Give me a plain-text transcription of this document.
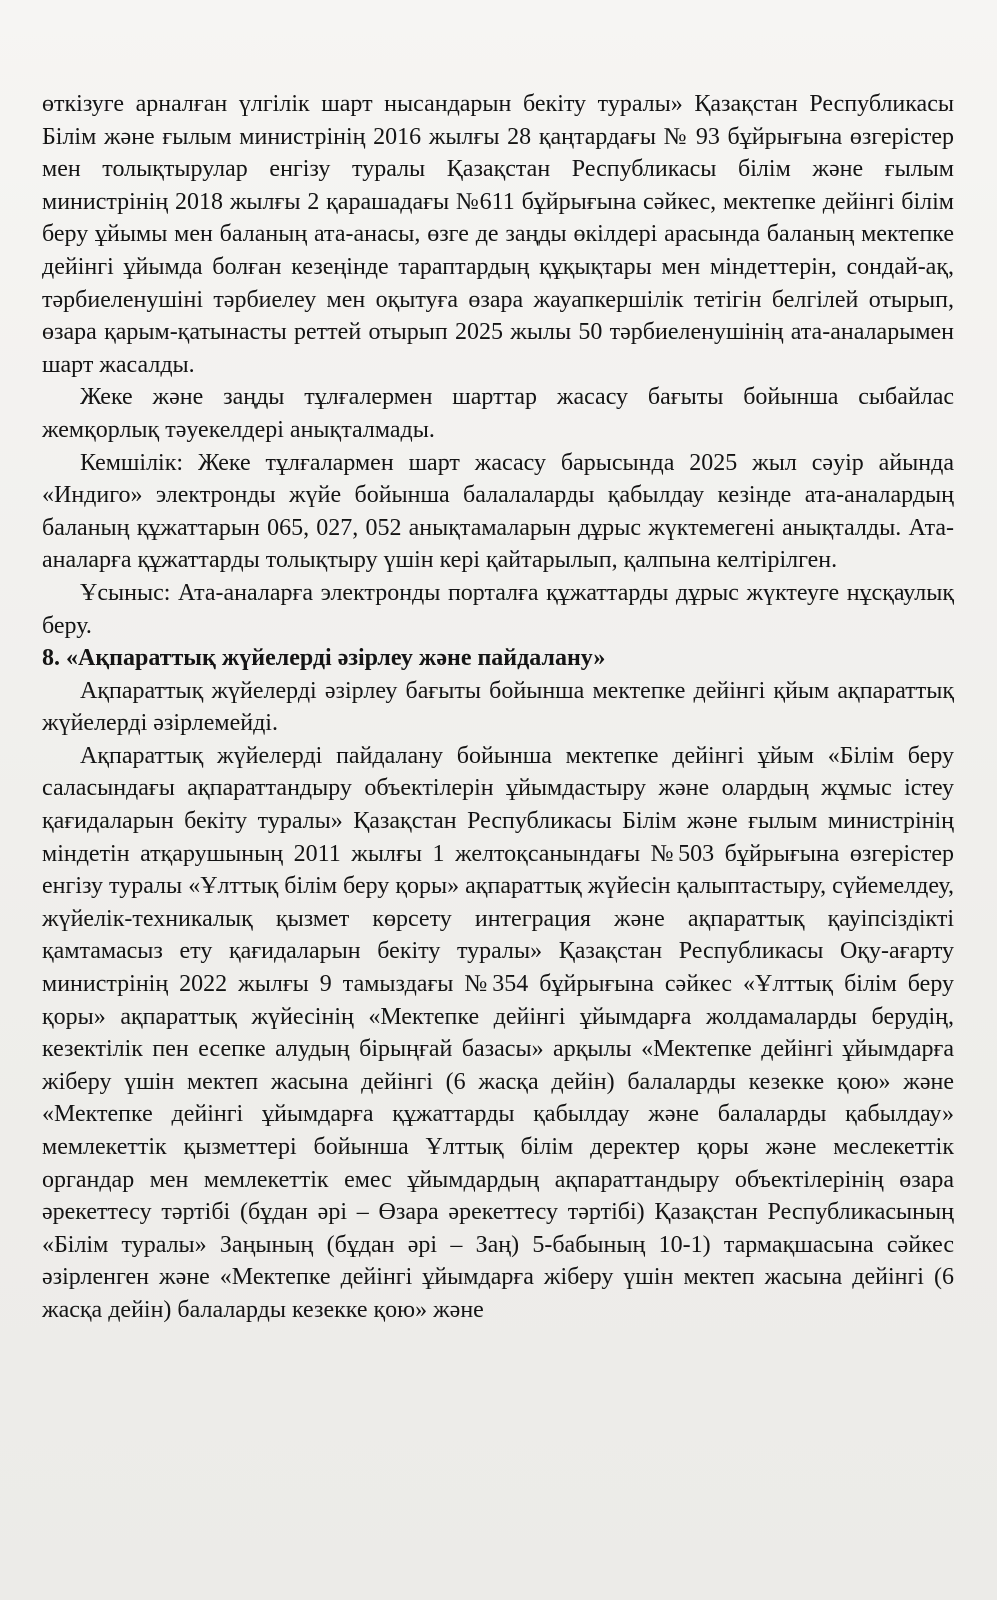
өткізуге арналған үлгілік шарт нысандарын бекіту туралы» Қазақстан Республикасы Білім және ғылым министрінің 2016 жылғы 28 қаңтардағы № 93 бұйрығына өзгерістер мен толықтырулар енгізу туралы Қазақстан Республикасы білім және ғылым министрінің 2018 жылғы 2 қарашадағы №611 бұйрығына сәйкес, мектепке дейінгі білім беру ұйымы мен баланың ата-анасы, өзге де заңды өкілдері арасында баланың мектепке дейінгі ұйымда болған кезеңінде тараптардың құқықтары мен міндеттерін, сондай-ақ, тәрбиеленушіні тәрбиелеу мен оқытуға өзара жауапкершілік тетігін белгілей отырып, өзара қарым-қатынасты реттей отырып 2025 жылы 50 тәрбиеленушінің ата-аналарымен шарт жасалды.

Жеке және заңды тұлғалермен шарттар жасасу бағыты бойынша сыбайлас жемқорлық тәуекелдері анықталмады.

Кемшілік: Жеке тұлғалармен шарт жасасу барысында 2025 жыл сәуір айында «Индиго» электронды жүйе бойынша балалаларды қабылдау кезінде ата-аналардың баланың құжаттарын 065, 027, 052 анықтамаларын дұрыс жүктемегені анықталды. Ата-аналарға құжаттарды толықтыру үшін кері қайтарылып, қалпына келтірілген.

Ұсыныс: Ата-аналарға электронды порталға құжаттарды дұрыс жүктеуге нұсқаулық беру.

8. «Ақпараттық жүйелерді әзірлеу және пайдалану»

Ақпараттық жүйелерді әзірлеу бағыты бойынша мектепке дейінгі қйым ақпараттық жүйелерді әзірлемейді.

Ақпараттық жүйелерді пайдалану бойынша мектепке дейінгі ұйым «Білім беру саласындағы ақпараттандыру объектілерін ұйымдастыру және олардың жұмыс істеу қағидаларын бекіту туралы» Қазақстан Республикасы Білім және ғылым министрінің міндетін атқарушының 2011 жылғы 1 желтоқсанындағы №503 бұйрығына өзгерістер енгізу туралы «Ұлттық білім беру қоры» ақпараттық жүйесін қалыптастыру, сүйемелдеу, жүйелік-техникалық қызмет көрсету интеграция және ақпараттық қауіпсіздікті қамтамасыз ету қағидаларын бекіту туралы» Қазақстан Республикасы Оқу-ағарту министрінің 2022 жылғы 9 тамыздағы №354 бұйрығына сәйкес «Ұлттық білім беру қоры» ақпараттық жүйесінің «Мектепке дейінгі ұйымдарға жолдамаларды берудің, кезектілік пен есепке алудың бірыңғай базасы» арқылы «Мектепке дейінгі ұйымдарға жіберу үшін мектеп жасына дейінгі (6 жасқа дейін) балаларды кезекке қою» және «Мектепке дейінгі ұйымдарға құжаттарды қабылдау және балаларды қабылдау» мемлекеттік қызметтері бойынша Ұлттық білім деректер қоры және меслекеттік органдар мен мемлекеттік емес ұйымдардың ақпараттандыру объектілерінің өзара әрекеттесу тәртібі (бұдан әрі – Өзара әрекеттесу тәртібі) Қазақстан Республикасының «Білім туралы» Заңының (бұдан әрі – Заң) 5-бабының 10-1) тармақшасына сәйкес әзірленген және «Мектепке дейінгі ұйымдарға жіберу үшін мектеп жасына дейінгі (6 жасқа дейін) балаларды кезекке қою» және
